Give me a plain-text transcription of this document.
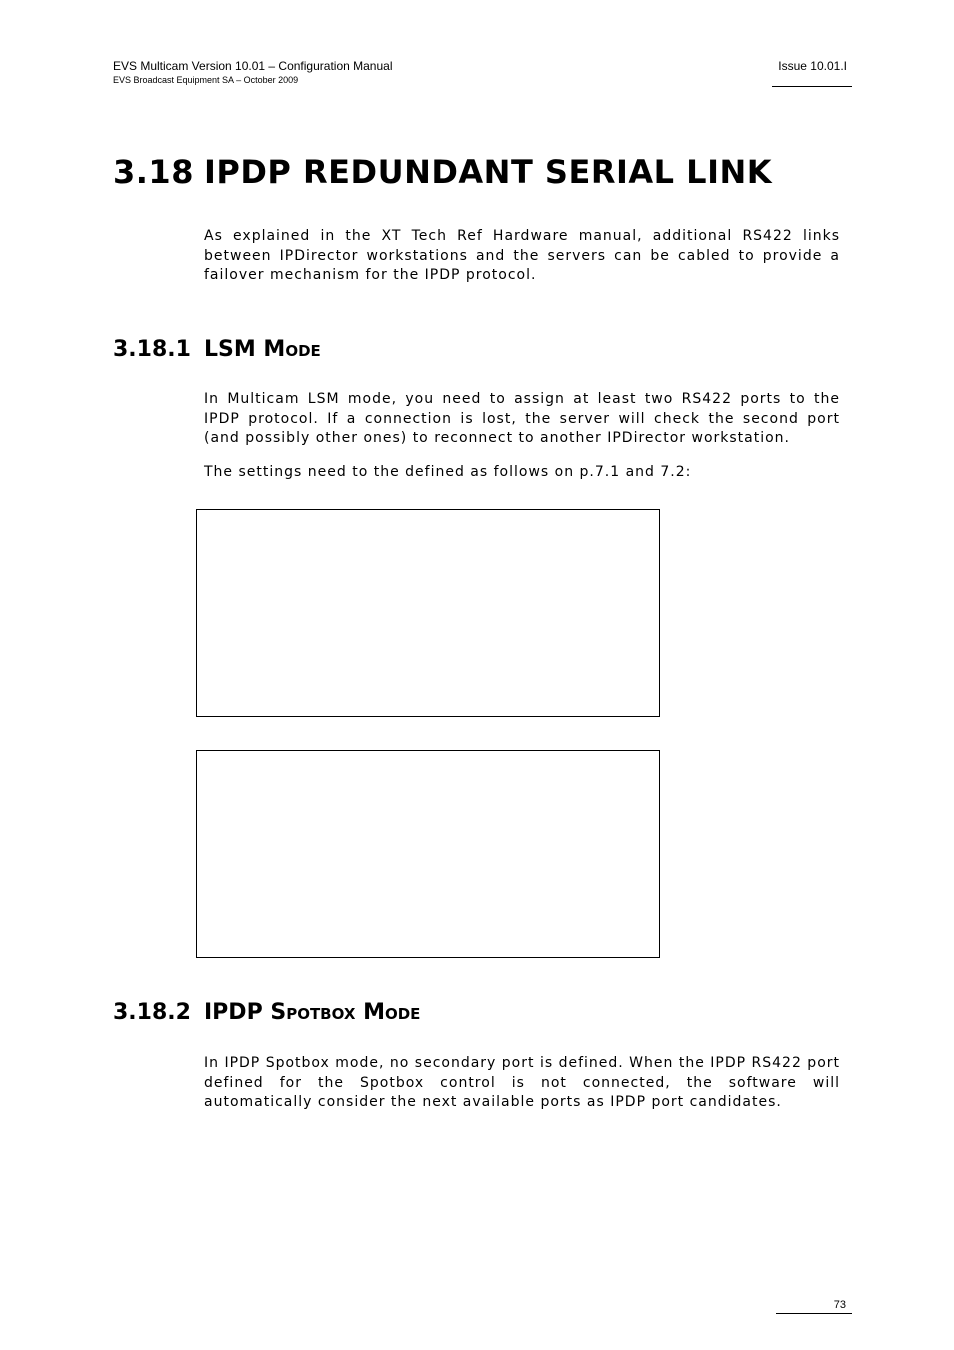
EVS Multicam Version 10.01 – Configuration Manual
EVS Broadcast Equipment SA – October 2009
Issue 10.01.I
3.18 IPDP REDUNDANT SERIAL LINK

As explained in the XT Tech Ref Hardware manual, additional RS422 links between IPDirector workstations and the servers can be cabled to provide a failover mechanism for the IPDP protocol.

3.18.1 LSM Mode

In Multicam LSM mode, you need to assign at least two RS422 ports to the IPDP protocol. If a connection is lost, the server will check the second port (and possibly other ones) to reconnect to another IPDirector workstation.

The settings need to the defined as follows on p.7.1 and 7.2:

3.18.2 IPDP Spotbox Mode

In IPDP Spotbox mode, no secondary port is defined. When the IPDP RS422 port defined for the Spotbox control is not connected, the software will automatically consider the next available ports as IPDP port candidates.

73
